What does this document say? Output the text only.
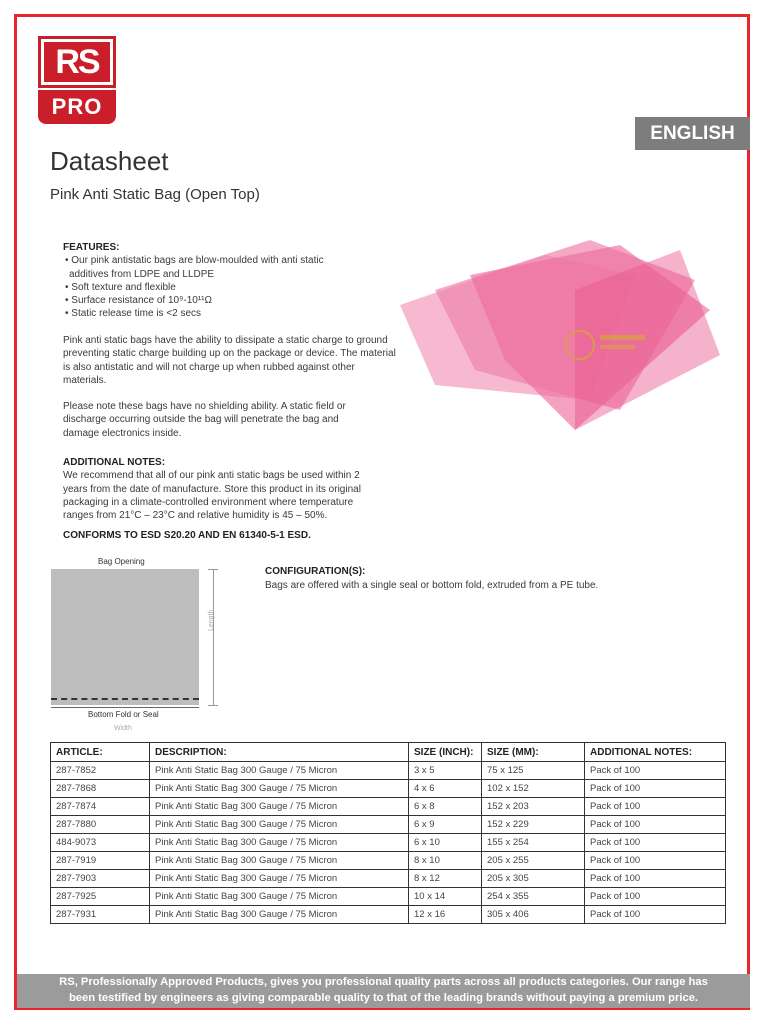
RS
PRO
ENGLISH
Datasheet
Pink Anti Static Bag (Open Top)
FEATURES:
• Our pink antistatic bags are blow-moulded with anti static
additives from LDPE and LLDPE
• Soft texture and flexible
• Surface resistance of 10⁹-10¹¹Ω
• Static release time is <2 secs
Pink anti static bags have the ability to dissipate a static charge to ground preventing static charge building up on the package or device. The material is also antistatic and will not charge up when rubbed against other materials.
Please note these bags have no shielding ability. A static field or discharge occurring outside the bag will penetrate the bag and damage electronics inside.
ADDITIONAL NOTES:
We recommend that all of our pink anti static bags be used within 2 years from the date of manufacture. Store this product in its original packaging in a climate-controlled environment where temperature ranges from 21°C – 23°C and relative humidity is 45 – 50%.
CONFORMS TO ESD S20.20 AND EN 61340-5-1 ESD.
Bag Opening
Bottom Fold or Seal
Width
Length
CONFIGURATION(S):
Bags are offered with a single seal or bottom fold, extruded from a PE tube.
ARTICLE:	DESCRIPTION:	SIZE (INCH):	SIZE (MM):	ADDITIONAL NOTES:
287-7852	Pink Anti Static Bag 300 Gauge / 75 Micron	3 x 5	75 x 125	Pack of 100
287-7868	Pink Anti Static Bag 300 Gauge / 75 Micron	4 x 6	102 x 152	Pack of 100
287-7874	Pink Anti Static Bag 300 Gauge / 75 Micron	6 x 8	152 x 203	Pack of 100
287-7880	Pink Anti Static Bag 300 Gauge / 75 Micron	6 x 9	152 x 229	Pack of 100
484-9073	Pink Anti Static Bag 300 Gauge / 75 Micron	6 x 10	155 x 254	Pack of 100
287-7919	Pink Anti Static Bag 300 Gauge / 75 Micron	8 x 10	205 x 255	Pack of 100
287-7903	Pink Anti Static Bag 300 Gauge / 75 Micron	8 x 12	205 x 305	Pack of 100
287-7925	Pink Anti Static Bag 300 Gauge / 75 Micron	10 x 14	254 x 355	Pack of 100
287-7931	Pink Anti Static Bag 300 Gauge / 75 Micron	12 x 16	305 x 406	Pack of 100
RS, Professionally Approved Products, gives you professional quality parts across all products categories. Our range has
been testified by engineers as giving comparable quality to that of the leading brands without paying a premium price.
